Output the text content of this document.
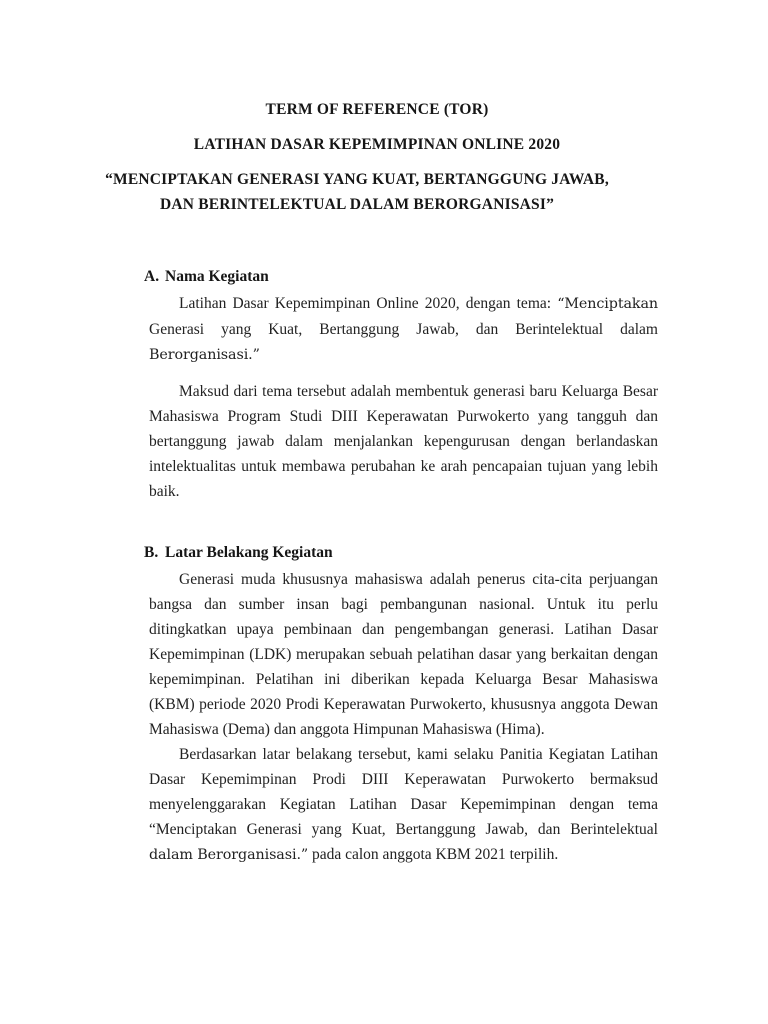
TERM OF REFERENCE (TOR)
LATIHAN DASAR KEPEMIMPINAN ONLINE 2020
“MENCIPTAKAN GENERASI YANG KUAT, BERTANGGUNG JAWAB,
DAN BERINTELEKTUAL DALAM BERORGANISASI”
A. Nama Kegiatan

Latihan Dasar Kepemimpinan Online 2020, dengan tema: “Menciptakan Generasi yang Kuat, Bertanggung Jawab, dan Berintelektual dalam Berorganisasi.”

Maksud dari tema tersebut adalah membentuk generasi baru Keluarga Besar Mahasiswa Program Studi DIII Keperawatan Purwokerto yang tangguh dan bertanggung jawab dalam menjalankan kepengurusan dengan berlandaskan intelektualitas untuk membawa perubahan ke arah pencapaian tujuan yang lebih baik.

B. Latar Belakang Kegiatan

Generasi muda khususnya mahasiswa adalah penerus cita-cita perjuangan bangsa dan sumber insan bagi pembangunan nasional. Untuk itu perlu ditingkatkan upaya pembinaan dan pengembangan generasi. Latihan Dasar Kepemimpinan (LDK) merupakan sebuah pelatihan dasar yang berkaitan dengan kepemimpinan. Pelatihan ini diberikan kepada Keluarga Besar Mahasiswa (KBM) periode 2020 Prodi Keperawatan Purwokerto, khususnya anggota Dewan Mahasiswa (Dema) dan anggota Himpunan Mahasiswa (Hima).

Berdasarkan latar belakang tersebut, kami selaku Panitia Kegiatan Latihan Dasar Kepemimpinan Prodi DIII Keperawatan Purwokerto bermaksud menyelenggarakan Kegiatan Latihan Dasar Kepemimpinan dengan tema “Menciptakan Generasi yang Kuat, Bertanggung Jawab, dan Berintelektual dalam Berorganisasi.” pada calon anggota KBM 2021 terpilih.
